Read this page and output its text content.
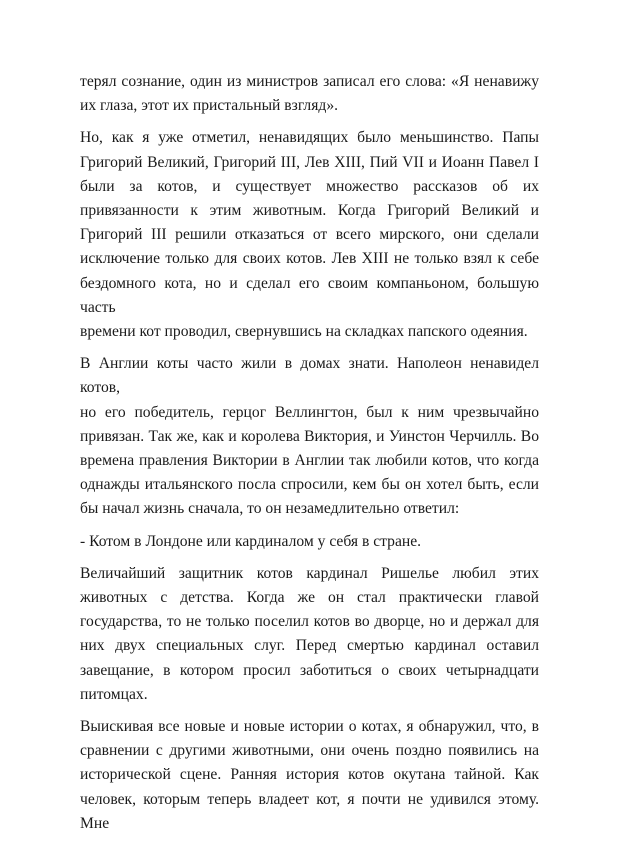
терял сознание, один из министров записал его слова: «Я ненавижу
их глаза, этот их пристальный взгляд».
Но, как я уже отметил, ненавидящих было меньшинство. Папы
Григорий Великий, Григорий III, Лев XIII, Пий VII и Иоанн Павел I
были за котов, и существует множество рассказов об их
привязанности к этим животным. Когда Григорий Великий и
Григорий III решили отказаться от всего мирского, они сделали
исключение только для своих котов. Лев XIII не только взял к себе
бездомного кота, но и сделал его своим компаньоном, большую часть
времени кот проводил, свернувшись на складках папского одеяния.
В Англии коты часто жили в домах знати. Наполеон ненавидел котов,
но его победитель, герцог Веллингтон, был к ним чрезвычайно
привязан. Так же, как и королева Виктория, и Уинстон Черчилль. Во
времена правления Виктории в Англии так любили котов, что когда
однажды итальянского посла спросили, кем бы он хотел быть, если
бы начал жизнь сначала, то он незамедлительно ответил:
- Котом в Лондоне или кардиналом у себя в стране.
Величайший защитник котов кардинал Ришелье любил этих
животных с детства. Когда же он стал практически главой
государства, то не только поселил котов во дворце, но и держал для
них двух специальных слуг. Перед смертью кардинал оставил
завещание, в котором просил заботиться о своих четырнадцати
питомцах.
Выискивая все новые и новые истории о котах, я обнаружил, что, в
сравнении с другими животными, они очень поздно появились на
исторической сцене. Ранняя история котов окутана тайной. Как
человек, которым теперь владеет кот, я почти не удивился этому. Мне
